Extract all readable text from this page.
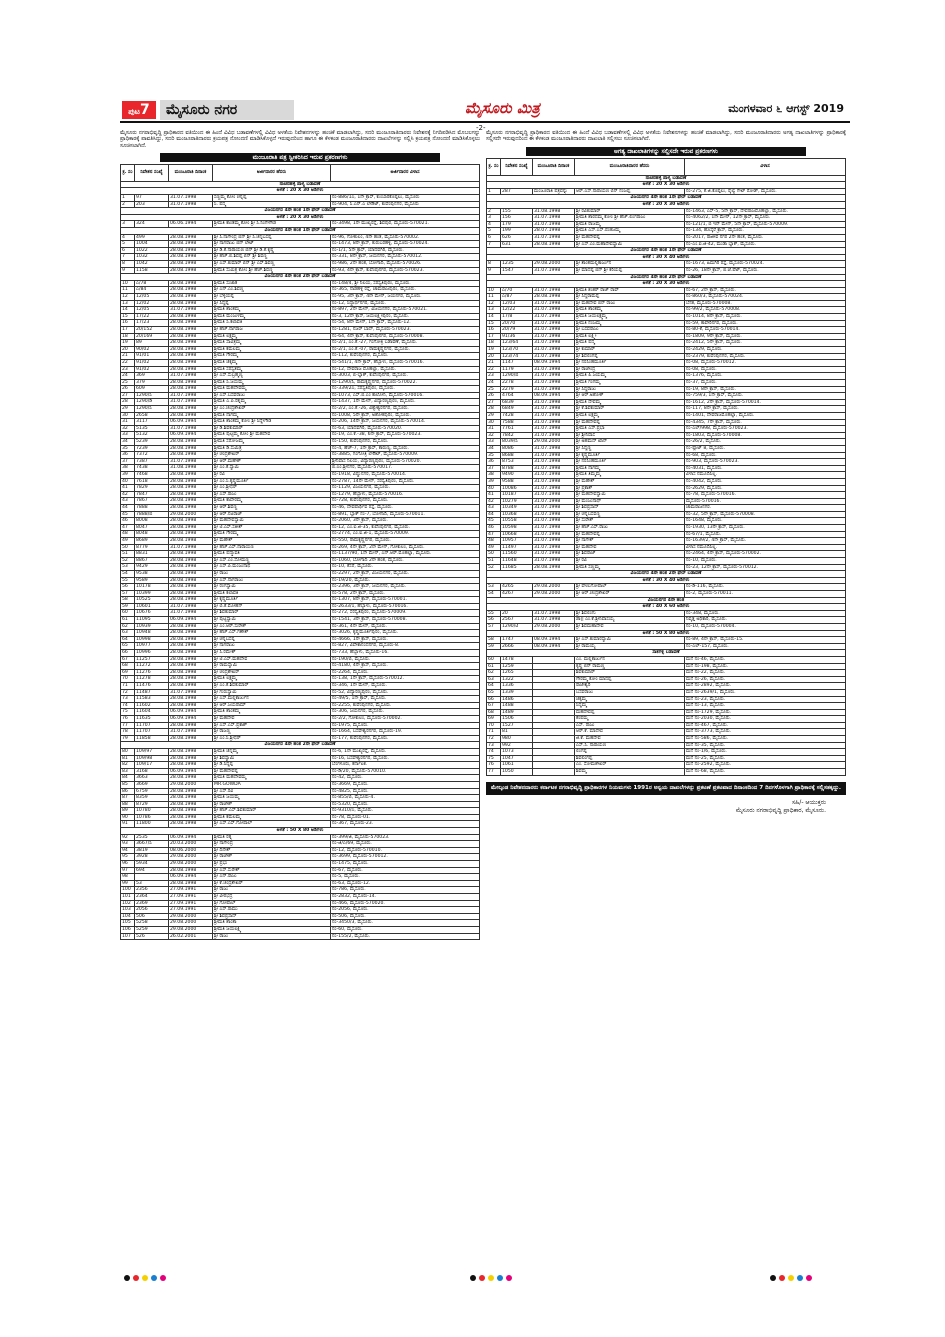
ಪುಟ7	ಮೈಸೂರು ನಗರ	ಮೈಸೂರು ಮಿತ್ರ	ಮಂಗಳವಾರ ೬ ಆಗಸ್ಟ್ 2019
-2-

ಮೈಸೂರು ನಗರಾಭಿವೃದ್ಧಿ ಪ್ರಾಧಿಕಾರದ ವತಿಯಿಂದ ಈ ಹಿಂದೆ ವಿವಿಧ ಬಡಾವಣೆಗಳಲ್ಲಿ ವಿವಿಧ ಅಳತೆಯ ನಿವೇಶನಗಳನ್ನು ಹಂಚಿಕೆ ಮಾಡಲಾಗಿದ್ದು, ಸದರಿ ಮಂಜೂರಾತಿದಾರರು ನಿವೇಶನಕ್ಕೆ ನಿಗದಿಪಡಿಸಿದ ಮೊಬಲಗನ್ನು ಪ್ರಾಧಿಕಾರಕ್ಕೆ ಪಾವತಿಸಿದ್ದು, ಸದರಿ ಮಂಜೂರಾತಿದಾರರು ಕ್ರಯಪತ್ರ ನೋಂದಣಿ ಮಾಡಿಸಿಕೊಳ್ಳದೆ ಇರುವುದರಿಂದ ಹಾಗೂ ಈ ಕೆಳಕಂಡ ಮಂಜೂರಾತಿದಾರರು ದಾಖಲೆಗಳನ್ನು ಸಲ್ಲಿಸಿ ಕ್ರಯಪತ್ರ ನೋಂದಣಿ ಮಾಡಿಸಿಕೊಳ್ಳಲು ಸೂಚಿಸಲಾಗಿದೆ.

ಮಂಜೂರಾತಿ ಪತ್ರ ಸ್ವೀಕರಿಸಿದ ಇರುವ ಪ್ರಕರಣಗಳು
ಕ್ರ. ಸಂ	ನಿವೇಶನ ಸಂಖ್ಯೆ	ಮಂಜೂರಾತಿ ದಿನಾಂಕ	ಅರ್ಜಿದಾರರ ಹೆಸರು	ಅರ್ಜಿದಾರರ ವಿಳಾಸ
ನಾಚನಹಳ್ಳಿ ಪಾಳ್ಯ ಬಡಾವಣೆ				
ಅಳತೆ : 20 X 30 ಅಡಿಗಳು				
1	97	31.07.1998	ಸಣ್ಣಮ್ಮ ಕೋಂ ಚನ್ನಪ್ಪ	ನಂ-886/1ಎ, 1ನೇ ಕ್ರಾಸ್, ಕುಂಬಾರಕೊಪ್ಪಲು, ಮೈಸೂರು
2	203	31.07.1998	ಸಿ. ಪದ್ಮ	ನಂ-904, ಸಿ.ಎನ್.ಎ ಲೇಔಟ್, ಕುವೆಂಪುನಗರ, ಮೈಸೂರು
ವಿಜಯನಗರ 4ನೇ ಹಂತ 1ನೇ ಫೇಸ್ ಬಡಾವಣೆ				
ಅಳತೆ : 20 X 30 ಅಡಿಗಳು				
3	324	06.06.1994	ಶ್ರೀಮತಿ ಕಾಂತಮ್ಮ ಕೋಂ ಶ್ರೀ ಸಿ.ನಿಂಗೇಗೌಡ	ನಂ-3498, 1ನೇ ಮುಖ್ಯರಸ್ತೆ, ಶಿವಪುರ, ಮೈಸೂರು-570021.
ವಿಜಯನಗರ 4ನೇ ಹಂತ 1ನೇ ಫೇಸ್ ಬಡಾವಣೆ				
4	499	28.08.1998	ಶ್ರೀ ಸಿ.ನಾಗೇಂದ್ರ ಬಿನ್ ಶ್ರೀ ಸಿ.ಚನ್ನಬಸಪ್ಪ	ನಂ-96, ಗೋಕುಲಂ, 4ನೇ ಹಂತ, ಮೈಸೂರು-570002.
5	1004	28.08.1998	ಶ್ರೀ ನಾಗರಾಜು ಬಿನ್ ಲೇಟ್	ನಂ-1473, 8ನೇ ಕ್ರಾಸ್, ಕುರುಬರಹಳ್ಳಿ, ಮೈಸೂರು-570024.
6	1022	28.08.1998	ಶ್ರೀ ಡಿ.ಕೆ.ನಾರಾಯಣ ಬಿನ್ ಶ್ರೀ ಡಿ.ಕೆ.ಕೃಷ್ಣ	ನಂ-1/1, 5ನೇ ಕ್ರಾಸ್, ಯಾದವಗಿರಿ, ಮೈಸೂರು.
7	1032	28.08.1998	ಶ್ರೀ ಹೆಚ್.ಬಿ.ಶಿವಪ್ಪ ಬಿನ್ ಶ್ರೀ ಶಿವಣ್ಣ	ನಂ-331, 8ನೇ ಕ್ರಾಸ್, ಜಯನಗರ, ಮೈಸೂರು-570012.
8	1042	28.08.1998	ಶ್ರೀ ಎಸ್.ಕುಮಾರ್ ಬಿನ್ ಶ್ರೀ ಎಸ್.ಶಿವಣ್ಣ	ನಂ-986, 2ನೇ ಹಂತ, ಬೋಗಾದಿ, ಮೈಸೂರು-570026.
9	1158	28.08.1998	ಶ್ರೀಮತಿ ಸುಮಿತ್ರ ಕೋಂ ಶ್ರೀ ಹೆಚ್.ಶಿವಣ್ಣ	ನಂ-93, 4ನೇ ಕ್ರಾಸ್, ಕುವೆಂಪುನಗರ, ಮೈಸೂರು-570023.
ವಿಜಯನಗರ 4ನೇ ಹಂತ 2ನೇ ಫೇಸ್ ಬಡಾವಣೆ				
10	ಎ/78	28.08.1998	ಶ್ರೀಮತಿ ಸುಜಾತ	ನಂ-148/4, ಶ್ರೀ ನಿಲಯ, ಸರಸ್ವತಿಪುರಂ, ಮೈಸೂರು.
11	ಎ/84	28.08.1998	ಶ್ರೀ ಎನ್.ಎಂ.ಶಿವಣ್ಣ	ನಂ-365, ನಾಡಹಳ್ಳಿ ರಸ್ತೆ, ಚಾಮರಾಜಪುರಂ, ಮೈಸೂರು.
12	12/05	28.08.1998	ಶ್ರೀ ಬೆಳ್ಳಿಯಪ್ಪ	ನಂ-95, 3ನೇ ಕ್ರಾಸ್, 4ನೇ ಮೇನ್, ಜಯನಗರ, ಮೈಸೂರು.
13	12/02	28.08.1998	ಶ್ರೀ ಸಿದ್ದಪ್ಪ	ನಂ-12, ಸಿದ್ದಾರ್ಥನಗರ, ಮೈಸೂರು.
14	12/05	31.07.1998	ಶ್ರೀಮತಿ ಶಾಂತಮ್ಮ	ನಂ-897, 2ನೇ ಮೇನ್, ವಿಜಯನಗರ, ಮೈಸೂರು-570021.
15	17/22	28.08.1998	ಶ್ರೀಮತಿ ಮಂಜುಳಮ್ಮ	ನಂ-3, 12ನೇ ಕ್ರಾಸ್, ಜಯಲಕ್ಷ್ಮೀಪುರಂ, ಮೈಸೂರು.
16	17/23	28.08.1998	ಶ್ರೀಮತಿ ಸಿ.ಕಲಾವತಿ	ನಂ-54, 8ನೇ ಮೇನ್, 1ನೇ ಕ್ರಾಸ್, ಮೈಸೂರು-12.
17	20/152	28.08.1998	ಶ್ರೀ ಹೆಚ್.ನಾಗರಾಜ	ನಂ-1281, ನಜರ್ ಬಾದ್, ಮೈಸೂರು-570023.
18	20/169	28.08.1998	ಶ್ರೀಮತಿ ಲಕ್ಷ್ಮಮ್ಮ	ನಂ-64, 4ನೇ ಕ್ರಾಸ್, ಕುವೆಂಪುನಗರ, ಮೈಸೂರು-570008.
19	89	28.08.1998	ಶ್ರೀಮತಿ ಸಾವಿತ್ರಮ್ಮ	ನಂ-2/1, ಎಂ.ಕೆ.-27, ಗಂಗೋತ್ರಿ ಬಡಾವಣೆ, ಮೈಸೂರು.
20	90/02	28.08.1998	ಶ್ರೀಮತಿ ಕಮಲಮ್ಮ	ನಂ-2/1, ಎಂ.ಕೆ.-07, ರಾಮಕೃಷ್ಣನಗರ, ಮೈಸೂರು.
21	91/01	28.08.1998	ಶ್ರೀಮತಿ ಗೌರಮ್ಮ	ನಂ-112, ಕುವೆಂಪುನಗರ, ಮೈಸೂರು.
22	91/02	28.08.1998	ಶ್ರೀಮತಿ ಚಿಕ್ಕಮ್ಮ	ನಂ-541/1, 4ನೇ ಕ್ರಾಸ್, ಹೆಬ್ಬಾಳು, ಮೈಸೂರು-570016.
23	91/02	28.08.1998	ಶ್ರೀಮತಿ ಸರಸ್ವತಮ್ಮ	ನಂ-12, ದೇವರಾಜ ಮೊಹಲ್ಲಾ, ಮೈಸೂರು.
24	369	31.07.1998	ಶ್ರೀ ಎಸ್.ಸುಬ್ರಹ್ಮಣ್ಯ	ನಂ-3003, ಬಿ-ಬ್ಲಾಕ್, ಕುವೆಂಪುನಗರ, ಮೈಸೂರು.
25	379	28.08.1998	ಶ್ರೀಮತಿ ಸಿ.ಜಯಮ್ಮ	ನಂ-1290/ಸಿ, ರಾಮಕೃಷ್ಣನಗರ, ಮೈಸೂರು-570022.
26	609	28.08.1998	ಶ್ರೀಮತಿ ಮಹದೇವಮ್ಮ	ನಂ-339/2ಎ, ಸರಸ್ವತಿಪುರಂ, ಮೈಸೂರು.
27	1290/ಸಿ	31.07.1998	ಶ್ರೀ ಎಸ್.ಬಸವರಾಜು	ನಂ-1073, ಎಸ್.ಬಿ.ಎಂ ಕಾಲೋನಿ, ಮೈಸೂರು-570016.
28	1290/ಡಿ	31.07.1998	ಶ್ರೀಮತಿ ಎ.ಪಿ.ರತ್ನಮ್ಮ	ನಂ-1437, 1ನೇ ಮೇನ್, ವಿದ್ಯಾರಣ್ಯಪುರಂ, ಮೈಸೂರು.
29	1290/ಸಿ	28.08.1998	ಶ್ರೀ ಎಂ.ಚಂದ್ರಶೇಖರ್	ನಂ-2/2, ಎಂ.ಕೆ.-26, ವಿಶ್ವೇಶ್ವರನಗರ, ಮೈಸೂರು.
30	2658	28.08.1998	ಶ್ರೀಮತಿ ನಾಗಮ್ಮ	ನಂ-1008, 5ನೇ ಕ್ರಾಸ್, ಅಶೋಕಪುರಂ, ಮೈಸೂರು.
31	3117	06.09.1994	ಶ್ರೀಮತಿ ಶಾಂತಮ್ಮ ಕೋಂ ಶ್ರೀ ಸಿದ್ದೇಗೌಡ	ನಂ-206, 14ನೇ ಕ್ರಾಸ್, ಜಯನಗರ, ಮೈಸೂರು-570014.
32	5135	31.07.1998	ಶ್ರೀ ಡಿ.ಶಿವಕುಮಾರ್	ನಂ-63, ಯಾದವಗಿರಿ, ಮೈಸೂರು-570020.
33	5132	06.09.1994	ಶ್ರೀಮತಿ ಪುಟ್ಟಮ್ಮ ಕೋಂ ಶ್ರೀ ಮಹದೇವ	ನಂ-19, ಎಂ.ಕೆ.-38, 6ನೇ ಕ್ರಾಸ್, ಮೈಸೂರು-570023.
34	5239	28.08.1998	ಶ್ರೀಮತಿ ಸರೋಜಮ್ಮ	ನಂ-150, ಕುವೆಂಪುನಗರ, ಮೈಸೂರು.
35	7239	28.08.1998	ಶ್ರೀಮತಿ ಡಿ.ಸುಮಿತ್ರ	ನಂ-4, ಹೆಚ್-7, 1ನೇ ಕ್ರಾಸ್, ಕಾರುಣ್ಯ, ಮೈಸೂರು.
36	7372	28.08.1998	ಶ್ರೀ ಚಂದ್ರಶೇಖರ್	ನಂ-3885, ಗಂಗೋತ್ರಿ ಲೇಔಟ್, ಮೈಸೂರು-570009.
37	7387	31.07.1998	ಶ್ರೀ ಆರ್.ಮಹೇಶ್	ಶ್ರೀನಿವಾಸ ನಿಲಯ, ವಿದ್ಯಾರಣ್ಯಪುರಂ, ಮೈಸೂರು-570020.
38	7438	31.08.1998	ಶ್ರೀ ಎಂ.ಕೆ.ಸ್ವಾಮಿ	ಬಿ.ಎಂ.ಶ್ರೀನಗರ, ಮೈಸೂರು-570017.
39	7468	28.08.1998	ಶ್ರೀ ರವಿ	ನಂ-1918, ವಿಷ್ಣುನಗರ, ಮೈಸೂರು-570014.
40	7618	28.08.1998	ಶ್ರೀ ಎಂ.ಸಿ.ಕೃಷ್ಣಮೂರ್ತಿ	ನಂ-2787, 14ನೇ ಮೇನ್, ಸರಸ್ವತಿಪುರಂ, ಮೈಸೂರು.
41	7829	28.08.1998	ಶ್ರೀ ಎಂ.ಶ್ರೀಧರ್	ನಂ-1129, ವಿಜಯನಗರ, ಮೈಸೂರು.
42	7847	28.08.1998	ಶ್ರೀ ಎಸ್.ರಾಜು	ನಂ-1279, ಹೆಬ್ಬಾಳು, ಮೈಸೂರು-570016.
43	7867	28.08.1998	ಶ್ರೀಮತಿ ಕಾವೇರಮ್ಮ	ನಂ-728, ಕುವೆಂಪುನಗರ, ಮೈಸೂರು.
44	7888	28.08.1998	ಶ್ರೀ ಆರ್.ಶಿವಣ್ಣ	ನಂ-46, ದೇವಪಾರ್ಥಿವ ರಸ್ತೆ, ಮೈಸೂರು.
45	7888/ಬಿ	29.08.2000	ಶ್ರೀ ಆರ್.ನಟರಾಜ್	ನಂ-891, ಬ್ಲಾಕ್ ನಂ-7, ಬೋಗಾದಿ, ಮೈಸೂರು-570011.
46	8008	28.08.1998	ಶ್ರೀ ಮಹದೇವಸ್ವಾಮಿ	ನಂ-2060, 3ನೇ ಕ್ರಾಸ್, ಮೈಸೂರು.
47	8047	28.08.1998	ಶ್ರೀ ಟಿ.ಎಸ್.ಸತೀಶ್	ನಂ-12, ಎಂ.ಐ.ಜಿ-35, ಕುವೆಂಪುನಗರ, ಮೈಸೂರು.
48	8048	28.08.1998	ಶ್ರೀಮತಿ ಗೌರಮ್ಮ	ನಂ-2774, ಎಂ.ಐ.ಜಿ-1, ಮೈಸೂರು-570009.
49	8689	28.08.1998	ಶ್ರೀ ಮಹೇಶ್	ನಂ-550, ರಾಮಕೃಷ್ಣನಗರ, ಮೈಸೂರು.
50	8779	31.07.1998	ಶ್ರೀ ಹೆಚ್.ಎಸ್.ನಾರಾಯಣ	ನಂ-269, 4ನೇ ಕ್ರಾಸ್, 2ನೇ ಮೇನ್, ಗೋಕುಲಂ, ಮೈಸೂರು.
51	8831	28.08.1998	ಶ್ರೀಮತಿ ಪದ್ಮಾವತಿ	ನಂ-1137/90, 1ನೇ ಮೇನ್, ಎನ್.ಆರ್.ಮೊಹಲ್ಲಾ, ಮೈಸೂರು.
52	8867	28.08.1998	ಶ್ರೀ ಎಸ್.ಎಂ.ಸೋಮಣ್ಣ	ನಂ-1060, ಬೋಗಾದಿ 2ನೇ ಹಂತ, ಮೈಸೂರು.
53	9429	28.08.1998	ಶ್ರೀ ಎಸ್.ಪಿ.ಮಂಜುನಾಥ	ನಂ-10, ಕೆಸರೆ, ಮೈಸೂರು.
54	9538	28.08.1998	ಶ್ರೀ ರಾಜು	ನಂ-2297, 2ನೇ ಕ್ರಾಸ್, ವಿಜಯನಗರ, ಮೈಸೂರು.
55	9589	28.08.1998	ಶ್ರೀ ಎಸ್.ನಾಗರಾಜು	ನಂ-19/20, ಮೈಸೂರು.
56	10178	28.08.1998	ಶ್ರೀ ರಂಗಸ್ವಾಮಿ	ನಂ-2396, 3ನೇ ಕ್ರಾಸ್, ಜಯನಗರ, ಮೈಸೂರು.
57	10399	28.08.1998	ಶ್ರೀಮತಿ ಕಲಾವತಿ	ನಂ-578, 2ನೇ ಕ್ರಾಸ್, ಮೈಸೂರು.
58	10525	28.08.1998	ಶ್ರೀ ಕೃಷ್ಣಮೂರ್ತಿ	ನಂ-1307, 8ನೇ ಕ್ರಾಸ್, ಮೈಸೂರು-570001.
59	10601	31.07.1998	ಶ್ರೀ ಬಿ.ಕೆ.ಮೋಹನ್	ನಂ-2633/1, ಹೆಬ್ಬಾಳು, ಮೈಸೂರು-570016.
60	10676	31.07.1998	ಶ್ರೀ ಶಿವಕುಮಾರ್	ನಂ-272, ಸರಸ್ವತಿಪುರಂ, ಮೈಸೂರು-570009.
61	11095	06.09.1994	ಶ್ರೀ ಪುಟ್ಟಸ್ವಾಮಿ	ನಂ-1541, 3ನೇ ಕ್ರಾಸ್, ಮೈಸೂರು-570008.
62	10939	28.08.1998	ಶ್ರೀ ಎಂ.ಆರ್.ಸುರೇಶ್	ನಂ-361, 4ನೇ ಮೇನ್, ಮೈಸೂರು.
63	10948	28.08.1998	ಶ್ರೀ ಹೆಚ್.ಎಸ್.ಗಣೇಶ್	ನಂ-3026, ಕೃಷ್ಣಮೂರ್ತಿಪುರಂ, ಮೈಸೂರು.
64	10998	28.08.1998	ಶ್ರೀ ಚನ್ನಬಸಪ್ಪ	ನಂ-4666, 1ನೇ ಕ್ರಾಸ್, ಮೈಸೂರು.
65	10977	28.08.1998	ಶ್ರೀ ನಾಗರಾಜು	ನಂ-827, ವಿವೇಕಾನಂದನಗರ, ಮೈಸೂರು-8.
66	10996	28.08.1998	ಶ್ರೀ ಸಿ.ರಮೇಶ್	ನಂ-733, ಹೆಬ್ಬಾಳು, ಮೈಸೂರು-16.
67	11257	28.08.1998	ಶ್ರೀ ಟಿ.ಎಸ್.ಮಹದೇವ	ನಂ-190/ಬಿ, ಮೈಸೂರು.
68	11272	28.08.1998	ಶ್ರೀ ರಾಮಸ್ವಾಮಿ	ನಂ-4180, 4ನೇ ಕ್ರಾಸ್, ಮೈಸೂರು.
69	11276	28.08.1998	ಶ್ರೀ ಚಂದ್ರಶೇಖರ್	ನಂ-2264, ಮೈಸೂರು.
70	11278	28.08.1998	ಶ್ರೀಮತಿ ಲಕ್ಷ್ಮಮ್ಮ	ನಂ-138, 1ನೇ ಕ್ರಾಸ್, ಮೈಸೂರು-570012.
71	11476	28.08.1998	ಶ್ರೀ ಎಂ.ಕೆ.ಶಿವಕುಮಾರ್	ನಂ-346, 1ನೇ ಮೇನ್, ಮೈಸೂರು.
72	11487	31.07.1998	ಶ್ರೀ ಗುರುಸ್ವಾಮಿ	ನಂ-52, ವಿದ್ಯಾರಣ್ಯಪುರಂ, ಮೈಸೂರು.
73	11583	28.08.1998	ಶ್ರೀ ಎಸ್.ಮಲ್ಲಿಕಾರ್ಜುನ	ನಂ-49/5, 1ನೇ ಕ್ರಾಸ್, ಮೈಸೂರು.
74	11602	28.08.1998	ಶ್ರೀ ಆರ್.ಜಯರಾಮ್	ನಂ-2255, ಕುವೆಂಪುನಗರ, ಮೈಸೂರು.
75	11604	06.09.1994	ಶ್ರೀಮತಿ ಶಾಂತಮ್ಮ	ನಂ-306, ಜಯನಗರ, ಮೈಸೂರು.
76	11635	06.09.1994	ಶ್ರೀ ಮಹದೇವ	ನಂ-2/2, ಗೋಕುಲಂ, ಮೈಸೂರು-570002.
77	11707	28.08.1998	ಶ್ರೀ ಎಸ್.ಎಸ್.ಪ್ರಕಾಶ್	ನಂ-1975, ಮೈಸೂರು.
78	11707	31.07.1998	ಶ್ರೀ ರಾಜಣ್ಣ	ನಂ-1664, ಬಸವೇಶ್ವರನಗರ, ಮೈಸೂರು-19.
79	11858	28.08.1998	ಶ್ರೀ ಎಂ.ಸಿ.ಶ್ರೀಧರ್	ನಂ-177, ಕುವೆಂಪುನಗರ, ಮೈಸೂರು.
ವಿಜಯನಗರ 4ನೇ ಹಂತ 2ನೇ ಫೇಸ್ ಬಡಾವಣೆ				
80	109/97	28.08.1998	ಶ್ರೀಮತಿ ಚಿನ್ನಮ್ಮ	ನಂ-6, 1ನೇ ಮುಖ್ಯರಸ್ತೆ, ಮೈಸೂರು.
81	109/98	28.08.1998	ಶ್ರೀ ಶಿವಸ್ವಾಮಿ	ನಂ-16, ಬಸವೇಶ್ವರನಗರ, ಮೈಸೂರು.
82	109/17	28.08.1998	ಶ್ರೀ ಡಿ.ಸಿದ್ದಪ್ಪ	ಬೆಂಗಳೂರು, ಕರ್ನಾಟಕ.
83	3168	06.09.1994	ಶ್ರೀ ಮಹದೇವಪ್ಪ	ನಂ-ಡಿ/20, ಮೈಸೂರು-570010.
84	3663	28.08.1998	ಶ್ರೀಮತಿ ಮಹದೇವಮ್ಮ	ನಂ-42, ಮೈಸೂರು.
85	3669	29.08.2000	MR.GOWDA	ನಂ-3669, ಮೈಸೂರು.
86	6759	28.08.1998	ಶ್ರೀ ಎಸ್.ರವಿ	ನಂ-4825, ಮೈಸೂರು.
87	8359	28.08.1998	ಶ್ರೀಮತಿ ಜಯಮ್ಮ	ನಂ-855/ಬಿ, ಮೈಸೂರು-4.
88	8729	28.08.1998	ಶ್ರೀ ರಾಜೇಶ್	ನಂ-5320, ಮೈಸೂರು.
89	10780	28.08.1998	ಶ್ರೀ ಹೆಚ್.ಎಸ್.ಶಿವಕುಮಾರ್	ನಂ-9310/ಎ, ಮೈಸೂರು.
90	10786	28.08.1998	ಶ್ರೀಮತಿ ಕಮಲಮ್ಮ	ನಂ-78, ಮೈಸೂರು-01.
91	11800	28.08.1998	ಶ್ರೀ ಎಸ್.ಎಸ್.ಗೋಪಾಲ್	ನಂ-367, ಮೈಸೂರು-23.
ಅಳತೆ : 50 X 80 ಅಡಿಗಳು				
92	2535	06.09.1994	ಶ್ರೀಮತಿ ರತ್ನ	ನಂ-399/ಜಿ, ಮೈಸೂರು-570023.
93	3667/ಸಿ	20.03.2000	ಶ್ರೀ ನಾಗೇಂದ್ರ	ನಂ-ಜಿ/ಎ/69, ಮೈಸೂರು.
94	3819	08.06.2000	ಶ್ರೀ ದಿನೇಶ್	ನಂ-12, ಮೈಸೂರು-570010.
95	3928	29.08.2000	ಶ್ರೀ ರಾಜೇಶ್	ನಂ-3699, ಮೈಸೂರು-570012.
96	5934	29.08.2000	ಶ್ರೀ ಪ್ರಭು	ನಂ-1475, ಮೈಸೂರು.
97	694	28.08.1998	ಶ್ರೀ ಎಸ್.ಸುರೇಶ್	ನಂ-67, ಮೈಸೂರು.
98		06.09.1994	ಶ್ರೀ ಎನ್.ರಾಜು	ನಂ-5, ಮೈಸೂರು.
99	53	28.08.1998	ಶ್ರೀ ಕೆ.ಚಂದ್ರಶೇಖರ್	ನಂ-63, ಮೈಸೂರು-12.
100	2356	27.09.1991	ಶ್ರೀ ರಾಜು	ನಂ-786, ಮೈಸೂರು.
101	2364	27.09.1991	ಶ್ರೀ ವೀರಭದ್ರ	ನಂ-2832, ಮೈಸೂರು-14.
102	2369	27.09.1991	ಶ್ರೀ ಗೋಪಾಲ್	ನಂ-466, ಮೈಸೂರು-570020.
103	2056	27.09.1991	ಶ್ರೀ ಎಸ್.ರಾಮು	ನಂ-2056, ಮೈಸೂರು.
104	506	29.08.2000	ಶ್ರೀ ಶಿವಪ್ರಸಾದ್	ನಂ-506, ಮೈಸೂರು.
105	5258	29.08.2000	ಶ್ರೀಮತಿ ಶಾಂತಾ	ನಂ-3450/3, ಮೈಸೂರು.
106	5259	29.08.2000	ಶ್ರೀಮತಿ ಜಯಲಕ್ಷ್ಮಿ	ನಂ-60, ಮೈಸೂರು.
107	526	26.02.2001	ಶ್ರೀ ರಾಜು	ನಂ-155/2, ಮೈಸೂರು.

ಮೈಸೂರು ನಗರಾಭಿವೃದ್ಧಿ ಪ್ರಾಧಿಕಾರದ ವತಿಯಿಂದ ಈ ಹಿಂದೆ ವಿವಿಧ ಬಡಾವಣೆಗಳಲ್ಲಿ ವಿವಿಧ ಅಳತೆಯ ನಿವೇಶನಗಳನ್ನು ಹಂಚಿಕೆ ಮಾಡಲಾಗಿದ್ದು, ಸದರಿ ಮಂಜೂರಾತಿದಾರರು ಅಗತ್ಯ ದಾಖಲಾತಿಗಳನ್ನು ಪ್ರಾಧಿಕಾರಕ್ಕೆ ಸಲ್ಲಿಸದೇ ಇರುವುದರಿಂದ ಈ ಕೆಳಕಂಡ ಮಂಜೂರಾತಿದಾರರು ದಾಖಲಾತಿ ಸಲ್ಲಿಸಲು ಸೂಚಿಸಲಾಗಿದೆ.

ಅಗತ್ಯ ದಾಖಲಾತಿಗಳನ್ನು ಸಲ್ಲಿಸದೇ ಇರುವ ಪ್ರಕರಣಗಳು
ಕ್ರ. ಸಂ	ನಿವೇಶನ ಸಂಖ್ಯೆ	ಮಂಜೂರಾತಿ ದಿನಾಂಕ	ಮಂಜೂರಾತಿದಾರರ ಹೆಸರು	ವಿಳಾಸ
ನಾಚನಹಳ್ಳಿ ಪಾಳ್ಯ ಬಡಾವಣೆ				
ಅಳತೆ : 20 X 30 ಅಡಿಗಳು				
1	287	ಮಂಜೂರಾತಿ ಪತ್ರವನ್ನು	ಆರ್.ಎಸ್.ನಾರಾಯಣ ಬಿನ್ ನಂಜಪ್ಪ	ನಂ-275, ಕೆ.ಜಿ.ಕೊಪ್ಪಲು, ರೈಲ್ವೆ ಗೇಟ್ ರೋಡ್, ಮೈಸೂರು.
ವಿಜಯನಗರ 4ನೇ ಹಂತ 1ನೇ ಫೇಸ್ ಬಡಾವಣೆ				
ಅಳತೆ : 20 X 30 ಅಡಿಗಳು				
2	155	31.08.1998	ಶ್ರೀ ರವಿಕುಮಾರ್	ನಂ-1463, ಎಸ್-5, 5ನೇ ಕ್ರಾಸ್, ದೇವರಾಜಮೊಹಲ್ಲಾ, ಮೈಸೂರು.
3	156	31.07.1998	ಶ್ರೀಮತಿ ಶಾರದಮ್ಮ ಕೋಂ ಶ್ರೀ ಹೆಚ್.ಲಿಂಗರಾಜು	ನಂ-4062/2, 1ನೇ ಮೇನ್, 12ನೇ ಕ್ರಾಸ್, ಮೈಸೂರು.
4	179	31.07.1998	ಶ್ರೀಮತಿ ರಾಜಮ್ಮ	ನಂ-121/1, ಬಿ ಇನ್ ಮೇನ್, 5ನೇ ಕ್ರಾಸ್, ಮೈಸೂರು-570009.
5	199	28.07.1998	ಶ್ರೀಮತಿ ಎಸ್.ಎಸ್.ಪಂಕಜಮ್ಮ	ನಂ-134, ಹೊಸ್ಕೆರೆ ಕ್ರಾಸ್, ಮೈಸೂರು.
6	626	31.07.1998	ಶ್ರೀ ಮಹದೇವಪ್ಪ	ನಂ-2017, ರಾಜೀವ ನಗರ 2ನೇ ಹಂತ, ಮೈಸೂರು.
7	631	28.08.1998	ಶ್ರೀ ಎಸ್.ಎಂ.ಮಹಾದೇವಸ್ವಾಮಿ	ನಂ-ಎಂ.ಐ.ಜಿ-42, ಮುಡಾ ಬ್ಲಾಕ್, ಮೈಸೂರು.
ವಿಜಯನಗರ 4ನೇ ಹಂತ 1ನೇ ಫೇಸ್ ಬಡಾವಣೆ				
ಅಳತೆ : 30 X 40 ಅಡಿಗಳು				
8	1235	29.08.2000	ಶ್ರೀ ಶಾಂತಮಲ್ಲಿಕಾರ್ಜುನ	ನಂ-1673, ಹಿಮಗಿರಿ ರಸ್ತೆ, ಮೈಸೂರು-570024.
9	1547	31.07.1998	ಶ್ರೀ ಮಾದಪ್ಪ ಬಿನ್ ಶ್ರೀ ಕರಿಯಪ್ಪ	ನಂ-26, 18ನೇ ಕ್ರಾಸ್, ಬಿ.ಜೆ.ಪೆಟ್, ಮೈಸೂರು.
ವಿಜಯನಗರ 4ನೇ ಹಂತ 2ನೇ ಫೇಸ್ ಬಡಾವಣೆ				
ಅಳತೆ : 20 X 30 ಅಡಿಗಳು				
10	ಎ/70	31.07.1998	ಶ್ರೀಮತಿ ಶಂಕರ್ ರಾಜ್ ರಾವ್	ನಂ-67, 2ನೇ ಕ್ರಾಸ್, ಮೈಸೂರು.
11	ಎ/87	28.08.1998	ಶ್ರೀ ಸಿದ್ದರಾಮಪ್ಪ	ನಂ-860/3, ಮೈಸೂರು-570024.
12	12/03	31.07.1998	ಶ್ರೀ ಮಹದೇವ ಬಿನ್ ರಾಜು	ಬೆನಕ, ಮೈಸೂರು-570008.
13	12/22	31.07.1998	ಶ್ರೀಮತಿ ಶಾಂತಮ್ಮ	ನಂ-99/2, ಮೈಸೂರು-570008.
14	17/8	31.07.1998	ಶ್ರೀಮತಿ ಜಯಲಕ್ಷ್ಮಮ್ಮ	ನಂ-1014, 8ನೇ ಕ್ರಾಸ್, ಮೈಸೂರು.
15	20/70	31.07.1998	ಶ್ರೀಮತಿ ನಂಜಮ್ಮ	ನಂ-59, ಕಾವೇರಿನಗರ, ಮೈಸೂರು.
16	20/79	31.07.1998	ಶ್ರೀ ಬಸವರಾಜು	ನಂ-80-ಕೆ, ಮೈಸೂರು-570014.
17	91/36	31.07.1998	ಶ್ರೀಮತಿ ಲಕ್ಷ್ಮೀ	ನಂ-1809, 9ನೇ ಕ್ರಾಸ್, ಮೈಸೂರು.
18	123/64	31.07.1998	ಶ್ರೀಮತಿ ಪದ್ಮ	ನಂ-2412, 5ನೇ ಕ್ರಾಸ್, ಮೈಸೂರು.
19	123/70	31.07.1998	ಶ್ರೀ ಕುಮಾರ್	ನಂ-2429, ಮೈಸೂರು.
20	123/74	31.07.1998	ಶ್ರೀ ಶಿವಲಿಂಗಪ್ಪ	ನಂ-2379, ಕುವೆಂಪುನಗರ, ಮೈಸೂರು.
21	1147	08.09.1994	ಶ್ರೀ ನರಸಿಂಹಮೂರ್ತಿ	ನಂ-08, ಮೈಸೂರು-570012.
22	1179	31.07.1998	ಶ್ರೀ ರಾಜೇಂದ್ರ	ನಂ-08, ಮೈಸೂರು.
23	1290/ಬಿ	31.07.1998	ಶ್ರೀಮತಿ ಪಿ.ಜಯಮ್ಮ	ನಂ-1376, ಮೈಸೂರು.
24	2278	31.07.1998	ಶ್ರೀಮತಿ ಗಂಗಮ್ಮ	ನಂ-37, ಮೈಸೂರು.
25	2279	31.07.1998	ಶ್ರೀ ಸಿದ್ದರಾಜು	ನಂ-19, 8ನೇ ಕ್ರಾಸ್, ಮೈಸೂರು.
26	4764	08.09.1994	ಶ್ರೀ ಆರ್.ಅಶೋಕ್	ನಂ-759/3, 1ನೇ ಕ್ರಾಸ್, ಮೈಸೂರು.
27	6839	31.07.1998	ಶ್ರೀಮತಿ ದೇವಮ್ಮ	ನಂ-1612, 2ನೇ ಕ್ರಾಸ್, ಮೈಸೂರು-570014.
28	6849	31.07.1998	ಶ್ರೀ ಕೆ.ಶಿವಕುಮಾರ್	ನಂ-117, 8ನೇ ಕ್ರಾಸ್, ಮೈಸೂರು.
29	7428	31.07.1998	ಶ್ರೀಮತಿ ಲಕ್ಷ್ಮಮ್ಮ	ನಂ-1401, ದೇವರಾಜಮೊಹಲ್ಲಾ, ಮೈಸೂರು.
30	7588	31.07.1998	ಶ್ರೀ ಮಹದೇವಪ್ಪ	ನಂ-4345, 7ನೇ ಕ್ರಾಸ್, ಮೈಸೂರು.
31	7761	31.07.1998	ಶ್ರೀಮತಿ ಎಸ್.ಪ್ರಭಾ	ನಂ-ಎಲ್/998, ಮೈಸೂರು-570023.
32	7842	31.07.1998	ಶ್ರೀ ಶ್ರೀನಿವಾಸ	ನಂ-1803, ಮೈಸೂರು-570008.
33	8039/ಸಿ	29.08.2000	ಶ್ರೀ ಅಹಮದ್ ಖಾನ್	ನಂ-26/2, ಮೈಸೂರು.
34	8086	31.07.1998	ಶ್ರೀ ಸಿದ್ದಣ್ಣ	ನಂ-ಪ್ಲಾಟ್ 8, ಮೈಸೂರು.
35	8688	31.07.1998	ಶ್ರೀ ಕೃಷ್ಣಮೂರ್ತಿ	ನಂ-68, ಮೈಸೂರು.
36	8753	31.07.1998	ಶ್ರೀ ನರಸಿಂಹಮೂರ್ತಿ	ನಂ-903, ಮೈಸೂರು-570023.
37	8788	31.07.1998	ಶ್ರೀಮತಿ ನಾಗಮ್ಮ	ನಂ-4031, ಮೈಸೂರು.
38	9490	31.07.1998	ಶ್ರೀಮತಿ ತಿಮ್ಮಮ್ಮ	ವಿಳಾಸ ನಮೂದಿಸಿಲ್ಲ.
39	9588	31.07.1998	ಶ್ರೀ ಮಹೇಶ್	ನಂ-4042, ಮೈಸೂರು.
40	10086	31.07.1998	ಶ್ರೀ ಪ್ರಕಾಶ್	ನಂ-2629, ಮೈಸೂರು.
41	10187	31.07.1998	ಶ್ರೀ ಮಹದೇವಸ್ವಾಮಿ	ನಂ-78, ಮೈಸೂರು-570016.
42	10279	31.07.1998	ಶ್ರೀ ಮಂಜುನಾಥ್	ಮೈಸೂರು-570016.
43	10349	31.07.1998	ಶ್ರೀ ಶಿವಪ್ರಸಾದ್	ಚಾಮರಾಜನಗರ.
44	10368	31.07.1998	ಶ್ರೀ ಚನ್ನಬಸವಣ್ಣ	ನಂ-32, 5ನೇ ಕ್ರಾಸ್, ಮೈಸೂರು-570008.
45	10558	31.07.1998	ಶ್ರೀ ಸುರೇಶ್	ನಂ-1648, ಮೈಸೂರು.
46	10598	31.07.1998	ಶ್ರೀ ಹೆಚ್.ಎಸ್.ರಾಜು	ನಂ-1930, 13ನೇ ಕ್ರಾಸ್, ಮೈಸೂರು.
47	10668	31.07.1998	ಶ್ರೀ ಮಹದೇವಪ್ಪ	ನಂ-67/1, ಮೈಸೂರು.
48	10957	31.07.1998	ಶ್ರೀ ನಾಗೇಶ್	ನಂ-1639/2, 4ನೇ ಕ್ರಾಸ್, ಮೈಸೂರು.
49	11497	31.07.1998	ಶ್ರೀ ಮಹದೇವ	ವಿಳಾಸ ನಮೂದಿಸಿಲ್ಲ.
50	11560	31.07.1998	ಶ್ರೀ ಶಿವರಾಜ್	ನಂ-2464, 4ನೇ ಕ್ರಾಸ್, ಮೈಸೂರು-570002.
51	11648	31.07.1998	ಶ್ರೀ ರವಿ	ನಂ-10, ಮೈಸೂರು.
52	11685	28.08.1998	ಶ್ರೀಮತಿ ಸಣ್ಣಮ್ಮ	ನಂ-23, 12ನೇ ಕ್ರಾಸ್, ಮೈಸೂರು-570012.
ವಿಜಯನಗರ 4ನೇ ಹಂತ 2ನೇ ಫೇಸ್ ಬಡಾವಣೆ				
ಅಳತೆ : 30 X 40 ಅಡಿಗಳು				
53	4265	29.08.2000	ಶ್ರೀ ವೇಣುಗೋಪಾಲ್	ನಂ-ಡಿ-116, ಮೈಸೂರು.
54	4267	29.08.2000	ಶ್ರೀ ಆರ್.ಚಂದ್ರಶೇಖರ್	ನಂ-2, ಮೈಸೂರು-570011.
ವಿಜಯನಗರ 4ನೇ ಹಂತ				
ಅಳತೆ : 40 X 60 ಅಡಿಗಳು				
55	20	31.07.1998	ಶ್ರೀ ಶಿವಲಿಂಗು	ನಂ-348, ಮೈಸೂರು.
56	2567	31.07.1998	ಡಾ|| ಎಂ.ಕೆ.ಶ್ರೀನಿವಾಸಯ್ಯ	ನಿವೃತ್ತ ಅಧಿಕಾರಿ, ಮೈಸೂರು.
57	1290/ಟಿ	29.08.2000	ಶ್ರೀ ಶಿವಮಹಾದೇವ	ನಂ-10, ಮೈಸೂರು-570004.
ಅಳತೆ : 50 X 80 ಅಡಿಗಳು				
58	1747	08.09.1994	ಶ್ರೀ ಎಸ್.ಕುಮಾರಸ್ವಾಮಿ	ನಂ-89, 4ನೇ ಕ್ರಾಸ್, ಮೈಸೂರು-15.
59	2666	08.09.1994	ಶ್ರೀ ರಾಮಯ್ಯ	ನಂ-ಎಲ್-157, ಮೈಸೂರು.
ಸಾತಗಳ್ಳಿ ಬಡಾವಣೆ				
60	1478		ಎಂ. ಮಲ್ಲಿಕಾರ್ಜುನ	ಮನೆ ನಂ-46, ಮೈಸೂರು.
61	1259		ಕೃಷ್ಣ ಬಿನ್ ರಾಮಣ್ಣ	ಮನೆ ನಂ-198, ಮೈಸೂರು.
62	1265		ಶಿವಕುಮಾರ್	ಮನೆ ನಂ-22, ಮೈಸೂರು.
63	1322		ಗೌರಮ್ಮ ಕೋಂ ಮಾದಪ್ಪ	ಮನೆ ನಂ-26, ಮೈಸೂರು.
64	1336		ರಾಜೇಶ್ವರಿ	ಮನೆ ನಂ-2892, ಮೈಸೂರು.
65	1339		ಬಸವರಾಜು	ಮನೆ ನಂ-2639/1, ಮೈಸೂರು.
66	1486		ಚಿಕ್ಕಮ್ಮ	ಮನೆ ನಂ-23, ಮೈಸೂರು.
67	1488		ಸಿದ್ದಮ್ಮ	ಮನೆ ನಂ-13, ಮೈಸೂರು.
68	1489		ಮಹದೇವಪ್ಪ	ಮನೆ ನಂ-1729, ಮೈಸೂರು.
69	1506		ಕೆಂಪಮ್ಮ	ಮನೆ ನಂ-2030, ಮೈಸೂರು.
70	1527		ಎಸ್. ರಾಜು	ಮನೆ ನಂ-467, ಮೈಸೂರು.
71	81		ಆರ್.ಕೆ. ಮಾದೇವ	ಮನೆ ನಂ-3773, ಮೈಸೂರು.
72	980		ಜಿ.ಕೆ. ಮಹದೇವ	ಮನೆ ನಂ-586, ಮೈಸೂರು.
73	992		ಎಸ್.ಸಿ. ನಾರಾಯಣ	ಮನೆ ನಂ-35, ಮೈಸೂರು.
74	1073		ಲಿಂಗಪ್ಪ	ಮನೆ ನಂ-1/6, ಮೈಸೂರು.
75	1047		ಶಿವಲಿಂಗಪ್ಪ	ಮನೆ ನಂ-25, ಮೈಸೂರು.
76	1061		ಎಂ. ಸೋಮಶೇಖರ್	ಮನೆ ನಂ-2592, ಮೈಸೂರು.
77	1050		ಶಿವಮ್ಮ	ಮನೆ ನಂ-68, ಮೈಸೂರು.
ಮೇಲ್ಕಂಡ ನಿವೇಶನದಾರರು ಕರ್ನಾಟಕ ನಗರಾಭಿವೃದ್ಧಿ ಪ್ರಾಧಿಕಾರಗಳ ನಿಯಮಗಳು 1991ರ ಅನ್ವಯ ದಾಖಲೆಗಳನ್ನು ಪ್ರಕಟಣೆ ಪ್ರಕಟವಾದ ದಿನಾಂಕದಿಂದ 7 ದಿನಗಳೊಳಗಾಗಿ ಪ್ರಾಧಿಕಾರಕ್ಕೆ ಸಲ್ಲಿಸತಕ್ಕದ್ದು.
ಸಹಿ/- ಆಯುಕ್ತರು
ಮೈಸೂರು ನಗರಾಭಿವೃದ್ಧಿ ಪ್ರಾಧಿಕಾರ, ಮೈಸೂರು.
